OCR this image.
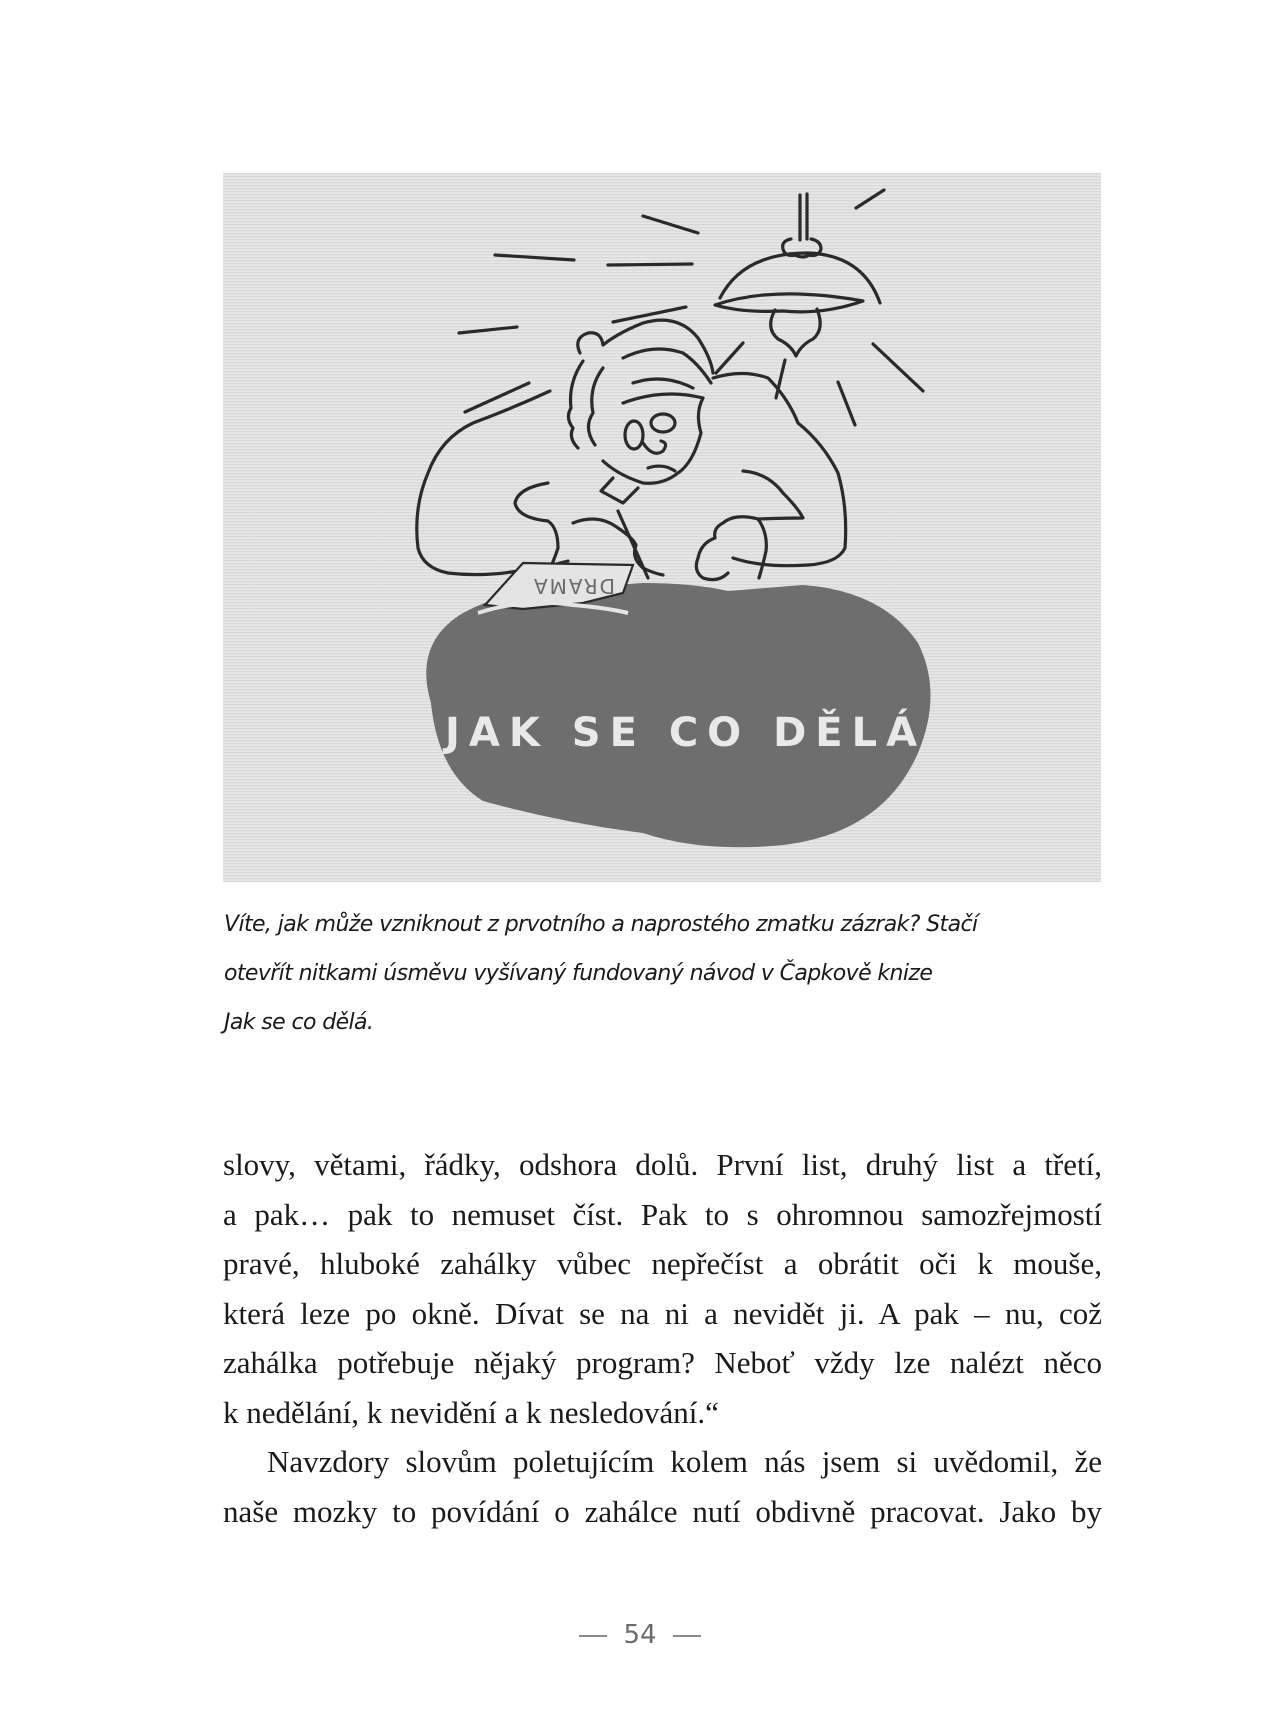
DRAMA
JAK SE CO DĚLÁ
Víte, jak může vzniknout z prvotního a naprostého zmatku zázrak? Stačí
otevřít nitkami úsměvu vyšívaný fundovaný návod v Čapkově knize
Jak se co dělá.
slovy, větami, řádky, odshora dolů. První list, druhý list a třetí,
a pak… pak to nemuset číst. Pak to s ohromnou samozřejmostí
pravé, hluboké zahálky vůbec nepřečíst a obrátit oči k mouše,
která leze po okně. Dívat se na ni a nevidět ji. A pak – nu, což
zahálka potřebuje nějaký program? Neboť vždy lze nalézt něco
k nedělání, k nevidění a k nesledování.“
Navzdory slovům poletujícím kolem nás jsem si uvědomil, že
naše mozky to povídání o zahálce nutí obdivně pracovat. Jako by
54
